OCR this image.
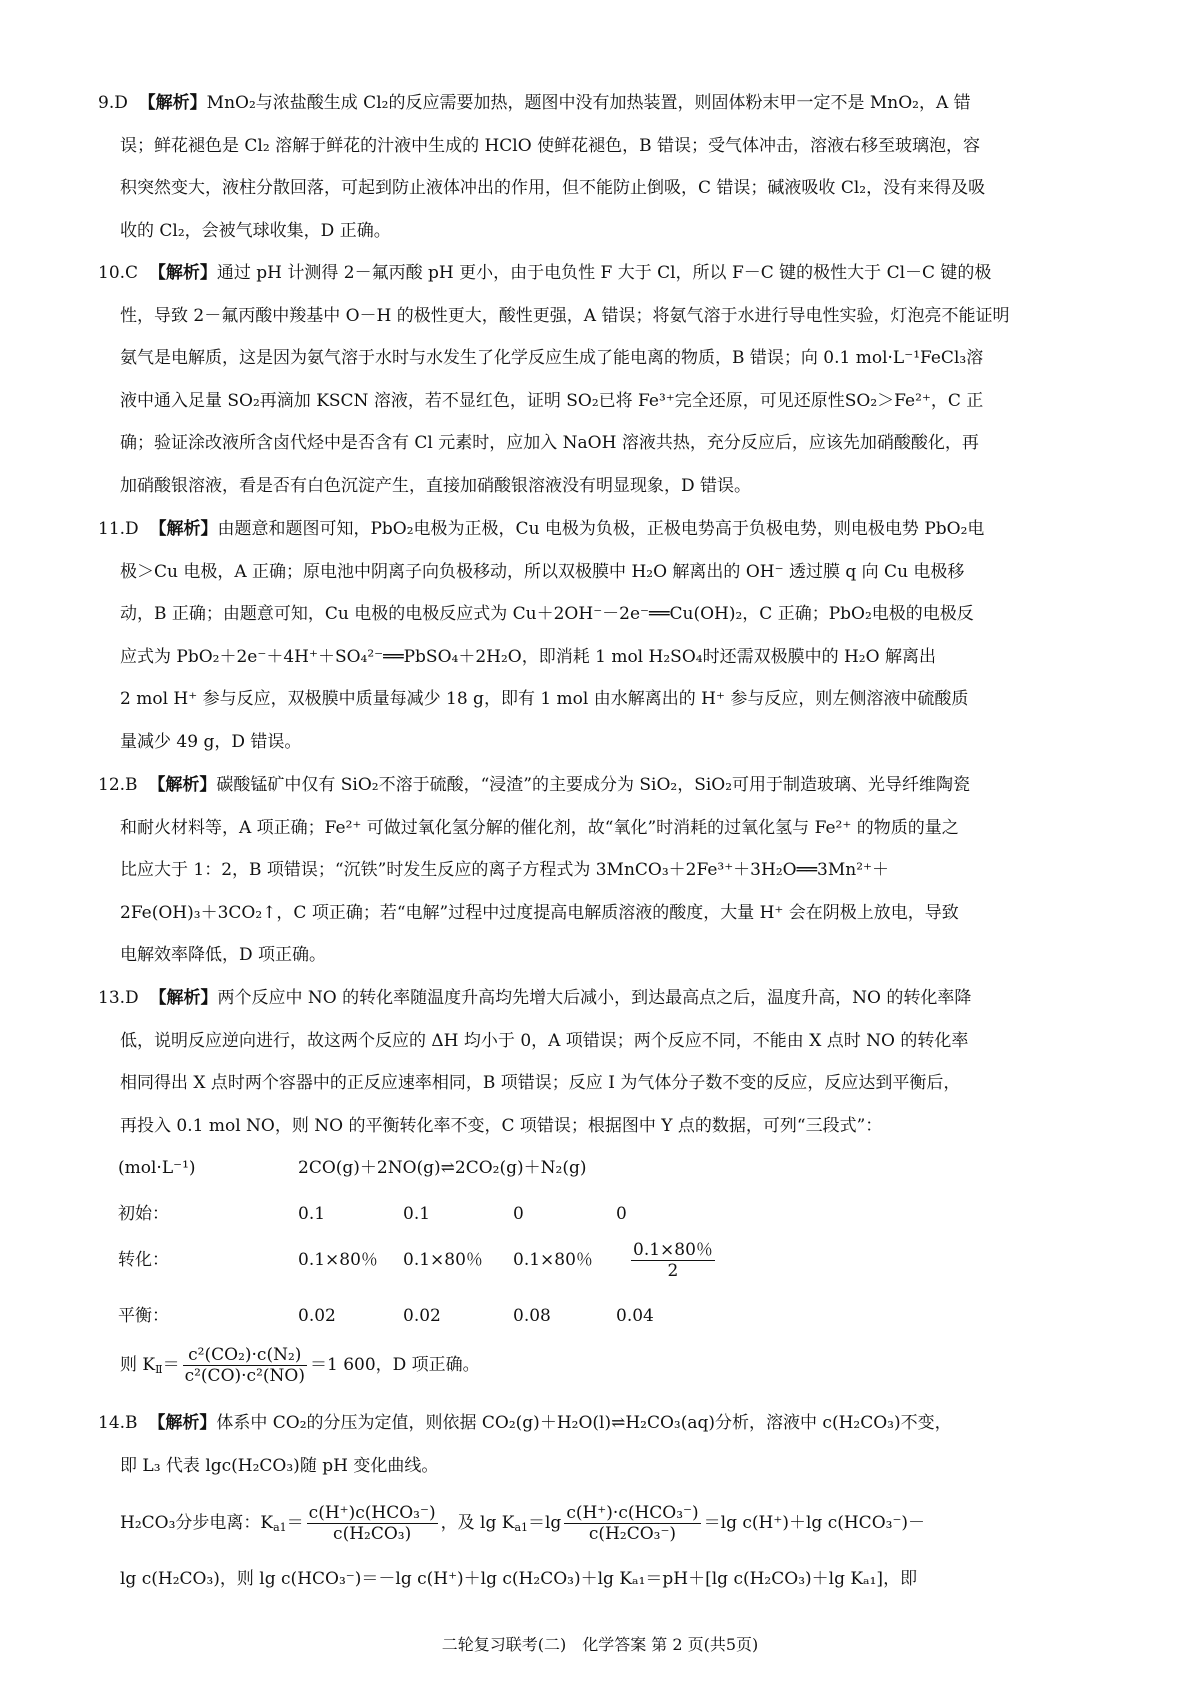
9.D 【解析】MnO₂与浓盐酸生成 Cl₂的反应需要加热，题图中没有加热装置，则固体粉末甲一定不是 MnO₂，A 错
误；鲜花褪色是 Cl₂ 溶解于鲜花的汁液中生成的 HClO 使鲜花褪色，B 错误；受气体冲击，溶液右移至玻璃泡，容
积突然变大，液柱分散回落，可起到防止液体冲出的作用，但不能防止倒吸，C 错误；碱液吸收 Cl₂，没有来得及吸
收的 Cl₂，会被气球收集，D 正确。
10.C 【解析】通过 pH 计测得 2－氟丙酸 pH 更小，由于电负性 F 大于 Cl，所以 F－C 键的极性大于 Cl－C 键的极
性，导致 2－氟丙酸中羧基中 O－H 的极性更大，酸性更强，A 错误；将氨气溶于水进行导电性实验，灯泡亮不能证明
氨气是电解质，这是因为氨气溶于水时与水发生了化学反应生成了能电离的物质，B 错误；向 0.1 mol·L⁻¹FeCl₃溶
液中通入足量 SO₂再滴加 KSCN 溶液，若不显红色，证明 SO₂已将 Fe³⁺完全还原，可见还原性SO₂＞Fe²⁺，C 正
确；验证涂改液所含卤代烃中是否含有 Cl 元素时，应加入 NaOH 溶液共热，充分反应后，应该先加硝酸酸化，再
加硝酸银溶液，看是否有白色沉淀产生，直接加硝酸银溶液没有明显现象，D 错误。
11.D 【解析】由题意和题图可知，PbO₂电极为正极，Cu 电极为负极，正极电势高于负极电势，则电极电势 PbO₂电
极＞Cu 电极，A 正确；原电池中阴离子向负极移动，所以双极膜中 H₂O 解离出的 OH⁻ 透过膜 q 向 Cu 电极移
动，B 正确；由题意可知，Cu 电极的电极反应式为 Cu＋2OH⁻－2e⁻══Cu(OH)₂，C 正确；PbO₂电极的电极反
应式为 PbO₂＋2e⁻＋4H⁺＋SO₄²⁻══PbSO₄＋2H₂O，即消耗 1 mol H₂SO₄时还需双极膜中的 H₂O 解离出
2 mol H⁺ 参与反应，双极膜中质量每减少 18 g，即有 1 mol 由水解离出的 H⁺ 参与反应，则左侧溶液中硫酸质
量减少 49 g，D 错误。
12.B 【解析】碳酸锰矿中仅有 SiO₂不溶于硫酸，“浸渣”的主要成分为 SiO₂，SiO₂可用于制造玻璃、光导纤维陶瓷
和耐火材料等，A 项正确；Fe²⁺ 可做过氧化氢分解的催化剂，故“氧化”时消耗的过氧化氢与 Fe²⁺ 的物质的量之
比应大于 1：2，B 项错误；“沉铁”时发生反应的离子方程式为 3MnCO₃＋2Fe³⁺＋3H₂O══3Mn²⁺＋
2Fe(OH)₃＋3CO₂↑，C 项正确；若“电解”过程中过度提高电解质溶液的酸度，大量 H⁺ 会在阴极上放电，导致
电解效率降低，D 项正确。
13.D 【解析】两个反应中 NO 的转化率随温度升高均先增大后减小，到达最高点之后，温度升高，NO 的转化率降
低，说明反应逆向进行，故这两个反应的 ΔH 均小于 0，A 项错误；两个反应不同，不能由 X 点时 NO 的转化率
相同得出 X 点时两个容器中的正反应速率相同，B 项错误；反应 I 为气体分子数不变的反应，反应达到平衡后，
再投入 0.1 mol NO，则 NO 的平衡转化率不变，C 项错误；根据图中 Y 点的数据，可列“三段式”：
(mol·L⁻¹)	2CO(g)＋2NO(g)⇌2CO₂(g)＋N₂(g)
初始：	0.1	0.1	0	0
转化：	0.1×80％ 0.1×80％ 0.1×80％ $\frac{0.1\times 80\%}{2}$
平衡：	0.02	0.02	0.08	0.04
则 $K_Ⅱ= \frac{\text{c²(CO₂)·c(N₂)}}{\text{c²(CO)·c²(NO)}} =1$ 600，D 项正确。
14.B 【解析】体系中 CO₂的分压为定值，则依据 CO₂(g)＋H₂O(l)⇌H₂CO₃(aq)分析，溶液中 c(H₂CO₃)不变，
即 L₃ 代表 lgc(H₂CO₃)随 pH 变化曲线。
H₂CO₃分步电离：$K_{a1}= \frac{\text{c(H⁺)c(HCO₃⁻)}}{\text{c(H₂CO₃)}}$ ，及 $\lg K_{a1}=\lg \frac{\text{c(H⁺)·c(HCO₃⁻)}}{\text{c(H₂CO₃⁻)}} =\lg$ c(H⁺)＋lg c(HCO₃⁻)－
lg c(H₂CO₃)，则 lg c(HCO₃⁻)＝－lg c(H⁺)＋lg c(H₂CO₃)＋lg Kₐ₁＝pH＋[lg c(H₂CO₃)＋lg Kₐ₁]，即
二轮复习联考(二)　化学答案 第 2 页(共5页)
